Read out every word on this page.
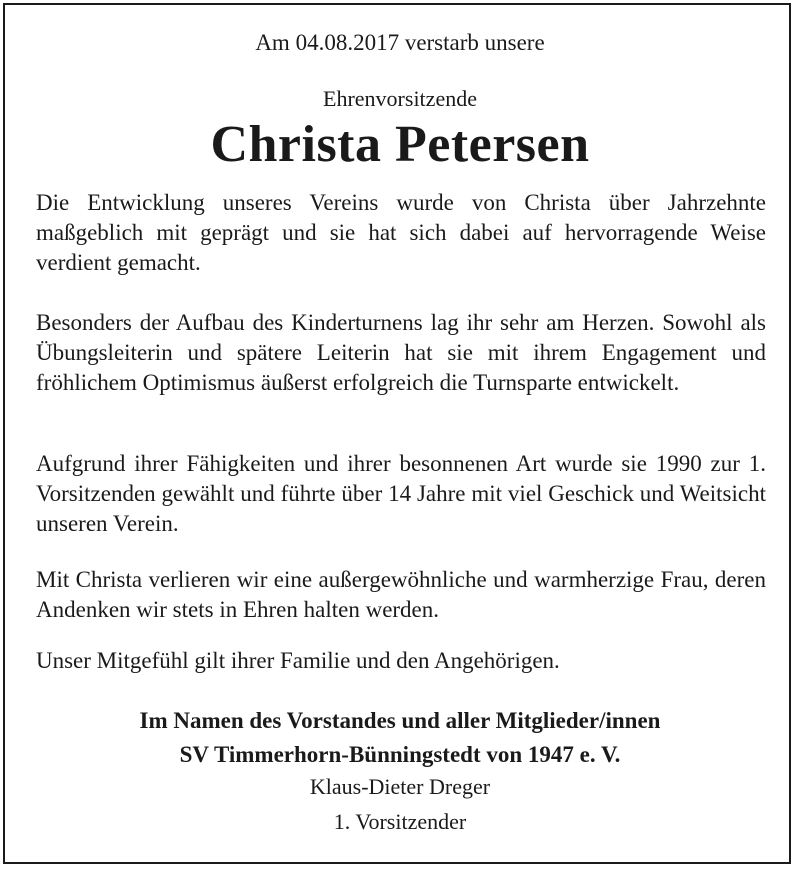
Am 04.08.2017 verstarb unsere
Ehrenvorsitzende
Christa Petersen
Die Entwicklung unseres Vereins wurde von Christa über Jahrzehnte maßgeblich mit geprägt und sie hat sich dabei auf hervorragende Weise verdient gemacht.
Besonders der Aufbau des Kinderturnens lag ihr sehr am Herzen. Sowohl als Übungsleiterin und spätere Leiterin hat sie mit ihrem Engagement und fröhlichem Optimismus äußerst erfolgreich die Turnsparte entwickelt.
Aufgrund ihrer Fähigkeiten und ihrer besonnenen Art wurde sie 1990 zur 1. Vorsitzenden gewählt und führte über 14 Jahre mit viel Geschick und Weitsicht unseren Verein.
Mit Christa verlieren wir eine außergewöhnliche und warmherzige Frau, deren Andenken wir stets in Ehren halten werden.
Unser Mitgefühl gilt ihrer Familie und den Angehörigen.
Im Namen des Vorstandes und aller Mitglieder/innen
SV Timmerhorn-Bünningstedt von 1947 e. V.
Klaus-Dieter Dreger
1. Vorsitzender
